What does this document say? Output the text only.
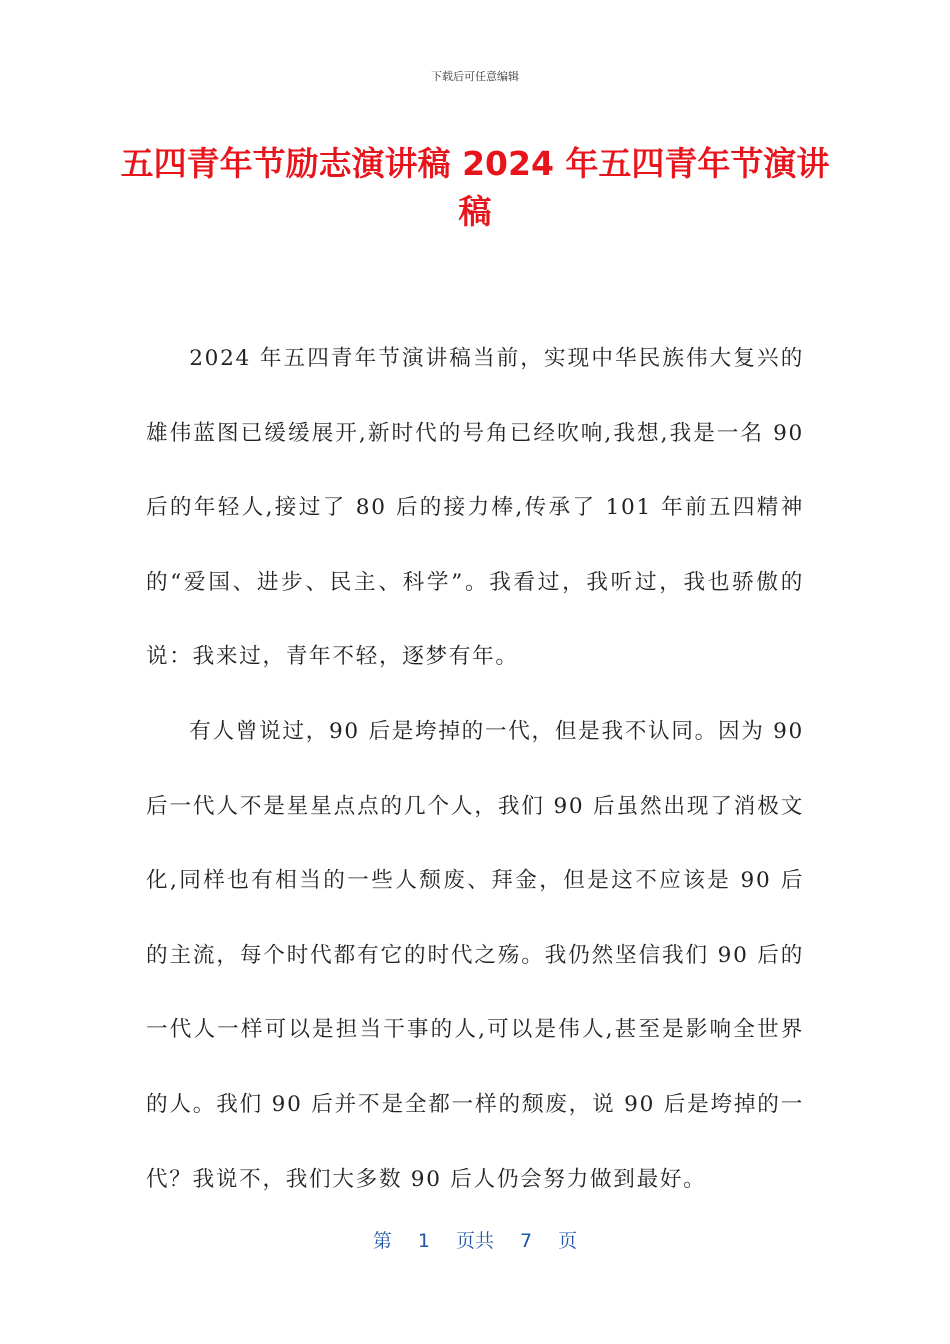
下载后可任意编辑
五四青年节励志演讲稿 2024 年五四青年节演讲稿

2024 年五四青年节演讲稿当前，实现中华民族伟大复兴的雄伟蓝图已缓缓展开,新时代的号角已经吹响,我想,我是一名 90 后的年轻人,接过了 80 后的接力棒,传承了 101 年前五四精神的“爱国、进步、民主、科学”。我看过，我听过，我也骄傲的说：我来过，青年不轻，逐梦有年。

有人曾说过，90 后是垮掉的一代，但是我不认同。因为 90 后一代人不是星星点点的几个人，我们 90 后虽然出现了消极文化,同样也有相当的一些人颓废、拜金，但是这不应该是 90 后的主流，每个时代都有它的时代之殇。我仍然坚信我们 90 后的一代人一样可以是担当干事的人,可以是伟人,甚至是影响全世界的人。我们 90 后并不是全都一样的颓废，说 90 后是垮掉的一代？我说不，我们大多数 90 后人仍会努力做到最好。

第 1 页共 7 页
